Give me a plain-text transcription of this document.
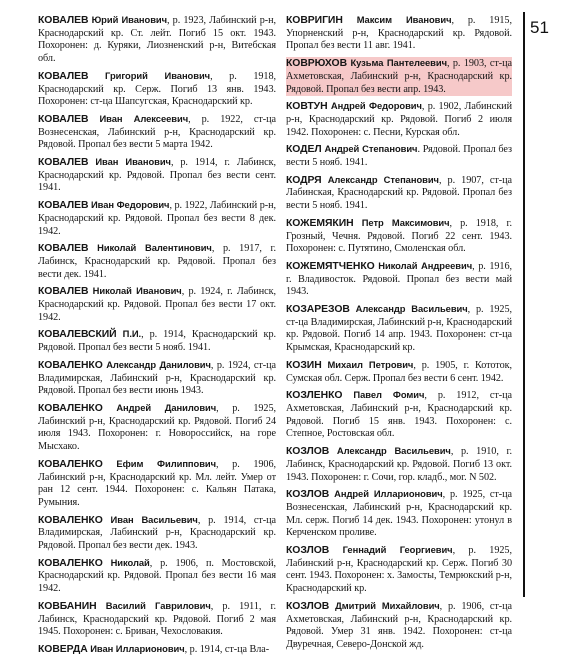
КОВАЛЕВ Юрий Иванович, р. 1923, Лабинский р-н, Краснодарский кр. Ст. лейт. Погиб 15 окт. 1943. Похоронен: д. Куряки, Лиозненский р-н, Витебская обл.

КОВАЛЕВ Григорий Иванович, р. 1918, Краснодарский кр. Серж. Погиб 13 янв. 1943. Похоронен: ст-ца Шапсугская, Краснодарский кр.

КОВАЛЕВ Иван Алексеевич, р. 1922, ст-ца Вознесенская, Лабинский р-н, Краснодарский кр. Рядовой. Пропал без вести 5 марта 1942.

КОВАЛЕВ Иван Иванович, р. 1914, г. Лабинск, Краснодарский кр. Рядовой. Пропал без вести сент. 1941.

КОВАЛЕВ Иван Федорович, р. 1922, Лабинский р-н, Краснодарский кр. Рядовой. Пропал без вести 8 дек. 1942.

КОВАЛЕВ Николай Валентинович, р. 1917, г. Лабинск, Краснодарский кр. Рядовой. Пропал без вести дек. 1941.

КОВАЛЕВ Николай Иванович, р. 1924, г. Лабинск, Краснодарский кр. Рядовой. Пропал без вести 17 окт. 1942.

КОВАЛЕВСКИЙ П.И., р. 1914, Краснодарский кр. Рядовой. Пропал без вести 5 нояб. 1941.

КОВАЛЕНКО Александр Данилович, р. 1924, ст-ца Владимирская, Лабинский р-н, Краснодарский кр. Рядовой. Пропал без вести июнь 1943.

КОВАЛЕНКО Андрей Данилович, р. 1925, Лабинский р-н, Краснодарский кр. Рядовой. Погиб 24 июля 1943. Похоронен: г. Новороссийск, на горе Мысхако.

КОВАЛЕНКО Ефим Филиппович, р. 1906, Лабинский р-н, Краснодарский кр. Мл. лейт. Умер от ран 12 сент. 1944. Похоронен: с. Кальян Патака, Румыния.

КОВАЛЕНКО Иван Васильевич, р. 1914, ст-ца Владимирская, Лабинский р-н, Краснодарский кр. Рядовой. Пропал без вести дек. 1943.

КОВАЛЕНКО Николай, р. 1906, п. Мостовской, Краснодарский кр. Рядовой. Пропал без вести 16 мая 1942.

КОВБАНИН Василий Гаврилович, р. 1911, г. Лабинск, Краснодарский кр. Рядовой. Погиб 2 мая 1945. Похоронен: с. Бриван, Чехословакия.

КОВЕРДА Иван Илларионович, р. 1914, ст-ца Вла-

КОВРИГИН Максим Иванович, р. 1915, Упорненский р-н, Краснодарский кр. Рядовой. Пропал без вести 11 авг. 1941.

КОВРЮХОВ Кузьма Пантелеевич, р. 1903, ст-ца Ахметовская, Лабинский р-н, Краснодарский кр. Рядовой. Пропал без вести апр. 1943.

КОВТУН Андрей Федорович, р. 1902, Лабинский р-н, Краснодарский кр. Рядовой. Погиб 2 июля 1942. Похоронен: с. Песни, Курская обл.

КОДЕЛ Андрей Степанович. Рядовой. Пропал без вести 5 нояб. 1941.

КОДРЯ Александр Степанович, р. 1907, ст-ца Лабинская, Краснодарский кр. Рядовой. Пропал без вести 5 нояб. 1941.

КОЖЕМЯКИН Петр Максимович, р. 1918, г. Грозный, Чечня. Рядовой. Погиб 22 сент. 1943. Похоронен: с. Путятино, Смоленская обл.

КОЖЕМЯТЧЕНКО Николай Андреевич, р. 1916, г. Владивосток. Рядовой. Пропал без вести май 1943.

КОЗАРЕЗОВ Александр Васильевич, р. 1925, ст-ца Владимирская, Лабинский р-н, Краснодарский кр. Рядовой. Погиб 14 апр. 1943. Похоронен: ст-ца Крымская, Краснодарский кр.

КОЗИН Михаил Петрович, р. 1905, г. Кототок, Сумская обл. Серж. Пропал без вести 6 сент. 1942.

КОЗЛЕНКО Павел Фомич, р. 1912, ст-ца Ахметовская, Лабинский р-н, Краснодарский кр. Рядовой. Погиб 15 янв. 1943. Похоронен: с. Степное, Ростовская обл.

КОЗЛОВ Александр Васильевич, р. 1910, г. Лабинск, Краснодарский кр. Рядовой. Погиб 13 окт. 1943. Похоронен: г. Сочи, гор. кладб., мог. N 502.

КОЗЛОВ Андрей Илларионович, р. 1925, ст-ца Вознесенская, Лабинский р-н, Краснодарский кр. Мл. серж. Погиб 14 дек. 1943. Похоронен: утонул в Керченском проливе.

КОЗЛОВ Геннадий Георгиевич, р. 1925, Лабинский р-н, Краснодарский кр. Серж. Погиб 30 сент. 1943. Похоронен: х. Замосты, Темрюкский р-н, Краснодарский кр.

КОЗЛОВ Дмитрий Михайлович, р. 1906, ст-ца Ахметовская, Лабинский р-н, Краснодарский кр. Рядовой. Умер 31 янв. 1942. Похоронен: ст-ца Двуречная, Северо-Донской жд.

51
